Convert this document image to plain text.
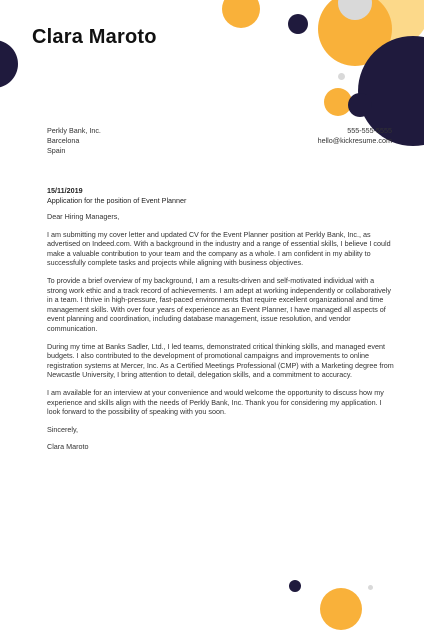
Clara Maroto
Perkly Bank, Inc.
Barcelona
Spain
555-555-5555
hello@kickresume.com
15/11/2019
Application for the position of Event Planner

Dear Hiring Managers,

I am submitting my cover letter and updated CV for the Event Planner position at Perkly Bank, Inc., as advertised on Indeed.com. With a background in the industry and a range of essential skills, I believe I could make a valuable contribution to your team and the company as a whole. I am confident in my ability to successfully complete tasks and projects while aligning with business objectives.

To provide a brief overview of my background, I am a results-driven and self-motivated individual with a strong work ethic and a track record of achievements. I am adept at working independently or collaboratively in a team. I thrive in high-pressure, fast-paced environments that require excellent organizational and time management skills. With over four years of experience as an Event Planner, I have managed all aspects of event planning and coordination, including database management, issue resolution, and vendor communication.

During my time at Banks Sadler, Ltd., I led teams, demonstrated critical thinking skills, and managed event budgets. I also contributed to the development of promotional campaigns and improvements to online registration systems at Mercer, Inc. As a Certified Meetings Professional (CMP) with a Marketing degree from Newcastle University, I bring attention to detail, delegation skills, and a commitment to accuracy.

I am available for an interview at your convenience and would welcome the opportunity to discuss how my experience and skills align with the needs of Perkly Bank, Inc. Thank you for considering my application. I look forward to the possibility of speaking with you soon.

Sincerely,

Clara Maroto
